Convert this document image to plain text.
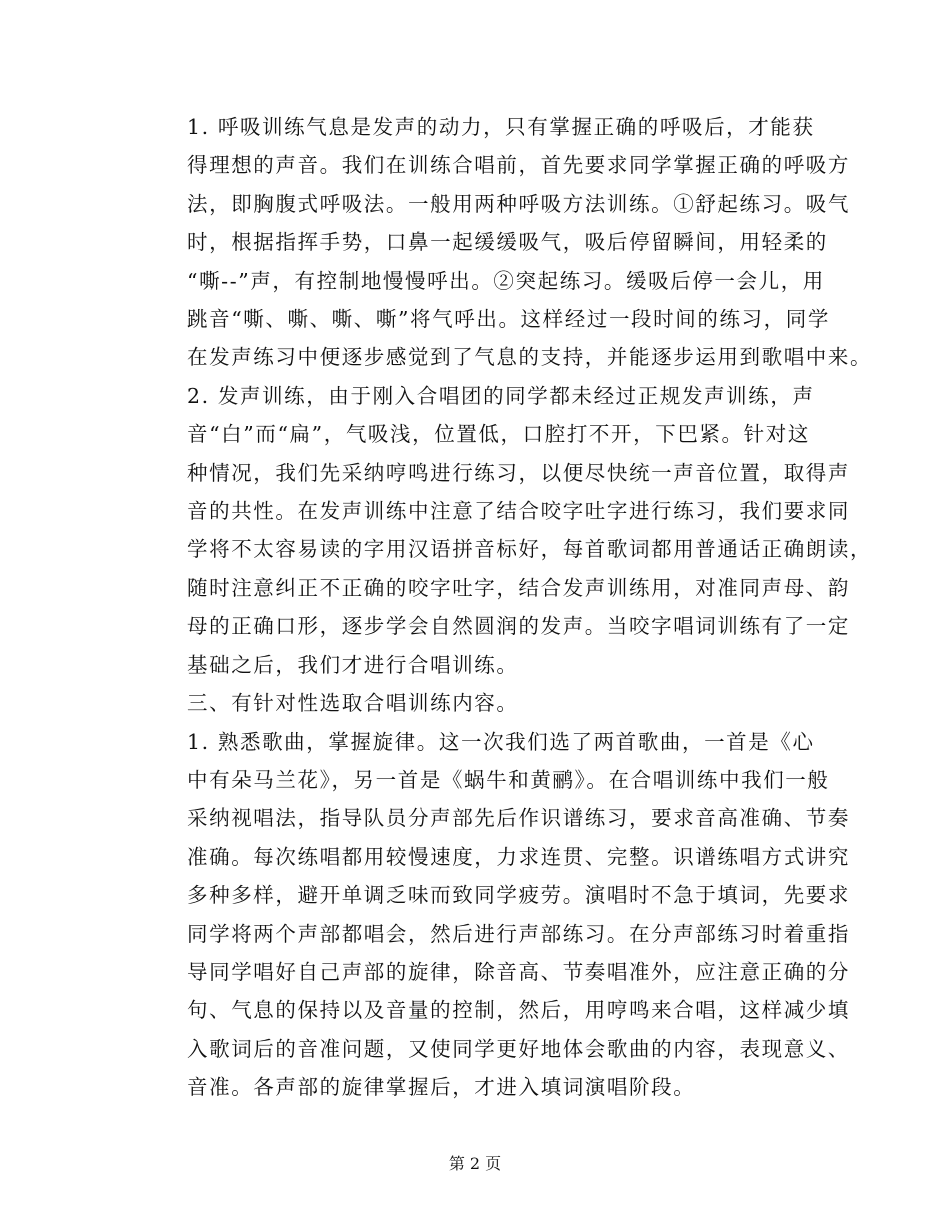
1. 呼吸训练气息是发声的动力，只有掌握正确的呼吸后，才能获
得理想的声音。我们在训练合唱前，首先要求同学掌握正确的呼吸方
法，即胸腹式呼吸法。一般用两种呼吸方法训练。①舒起练习。吸气
时，根据指挥手势，口鼻一起缓缓吸气，吸后停留瞬间，用轻柔的
“嘶--”声，有控制地慢慢呼出。②突起练习。缓吸后停一会儿，用
跳音“嘶、嘶、嘶、嘶”将气呼出。这样经过一段时间的练习，同学
在发声练习中便逐步感觉到了气息的支持，并能逐步运用到歌唱中来。

2. 发声训练，由于刚入合唱团的同学都未经过正规发声训练，声
音“白”而“扁”，气吸浅，位置低，口腔打不开，下巴紧。针对这
种情况，我们先采纳哼鸣进行练习，以便尽快统一声音位置，取得声
音的共性。在发声训练中注意了结合咬字吐字进行练习，我们要求同
学将不太容易读的字用汉语拼音标好，每首歌词都用普通话正确朗读，
随时注意纠正不正确的咬字吐字，结合发声训练用，对准同声母、韵
母的正确口形，逐步学会自然圆润的发声。当咬字唱词训练有了一定
基础之后，我们才进行合唱训练。

三、有针对性选取合唱训练内容。

1. 熟悉歌曲，掌握旋律。这一次我们选了两首歌曲，一首是《心
中有朵马兰花》，另一首是《蜗牛和黄鹂》。在合唱训练中我们一般
采纳视唱法，指导队员分声部先后作识谱练习，要求音高准确、节奏
准确。每次练唱都用较慢速度，力求连贯、完整。识谱练唱方式讲究
多种多样，避开单调乏味而致同学疲劳。演唱时不急于填词，先要求
同学将两个声部都唱会，然后进行声部练习。在分声部练习时着重指
导同学唱好自己声部的旋律，除音高、节奏唱准外，应注意正确的分
句、气息的保持以及音量的控制，然后，用哼鸣来合唱，这样减少填
入歌词后的音准问题，又使同学更好地体会歌曲的内容，表现意义、
音准。各声部的旋律掌握后，才进入填词演唱阶段。

第 2 页
